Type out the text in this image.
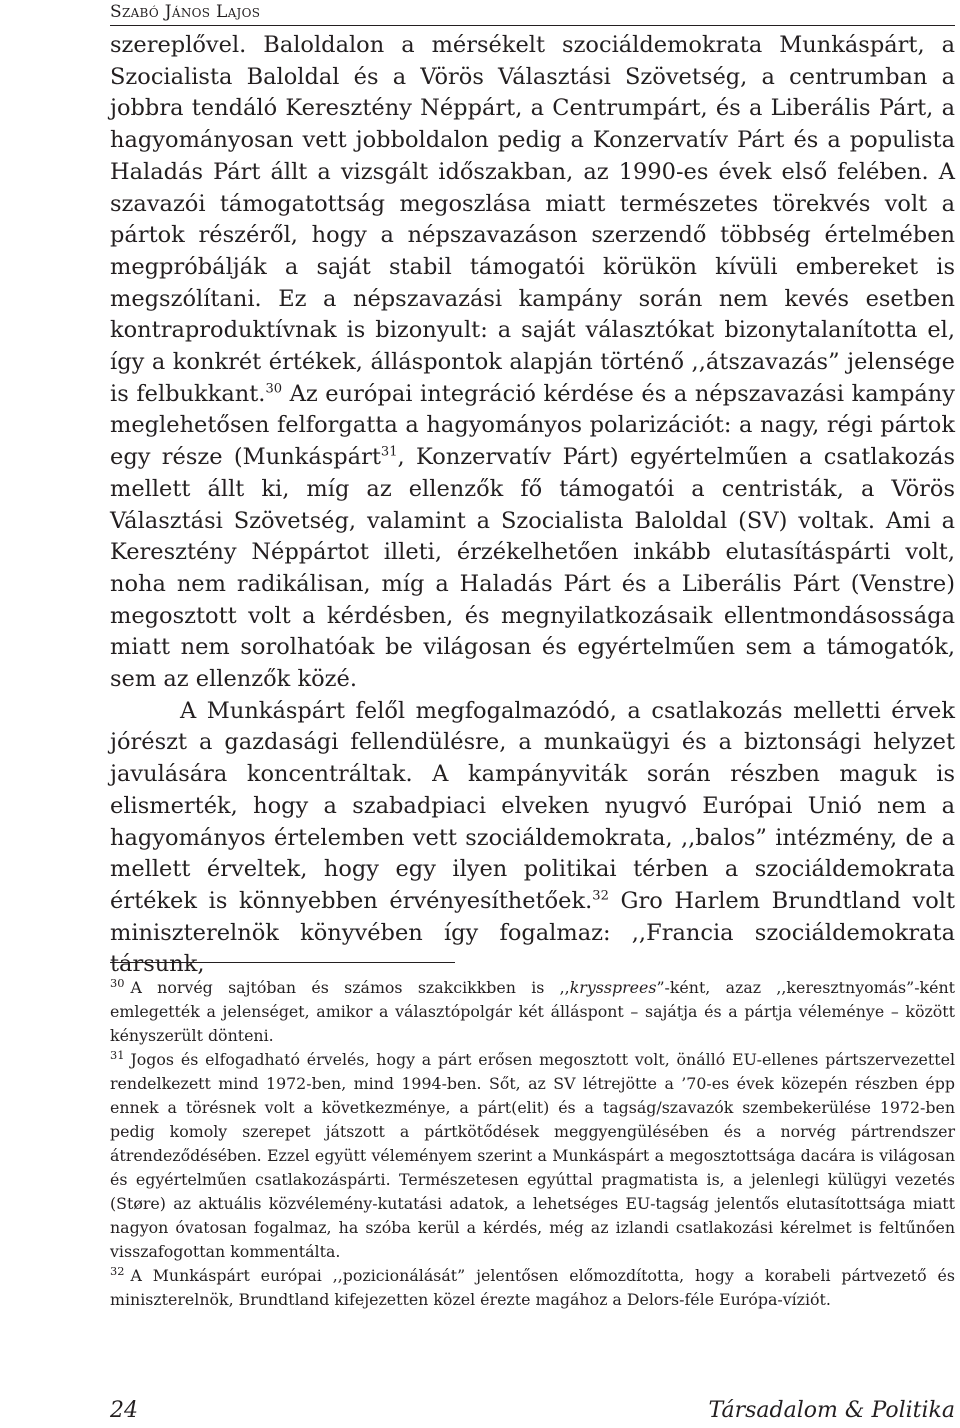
Szabó János Lajos

szereplővel. Baloldalon a mérsékelt szociáldemokrata Munkáspárt, a Szocialista Baloldal és a Vörös Választási Szövetség, a centrumban a jobbra tendáló Keresztény Néppárt, a Centrumpárt, és a Liberális Párt, a hagyományosan vett jobboldalon pedig a Konzervatív Párt és a populista Haladás Párt állt a vizsgált időszakban, az 1990-es évek első felében. A szavazói támogatottság megoszlása miatt természetes törekvés volt a pártok részéről, hogy a népszavazáson szerzendő többség értelmében megpróbálják a saját stabil támogatói körükön kívüli embereket is megszólítani. Ez a népszavazási kampány során nem kevés esetben kontraproduktívnak is bizonyult: a saját választókat bizonytalanította el, így a konkrét értékek, álláspontok alapján történő ,,átszavazás” jelensége is felbukkant.$^{30}$ Az európai integráció kérdése és a népszavazási kampány meglehetősen felforgatta a hagyományos polarizációt: a nagy, régi pártok egy része (Munkáspárt$^{31}$, Konzervatív Párt) egyértelműen a csatlakozás mellett állt ki, míg az ellenzők fő támogatói a centristák, a Vörös Választási Szövetség, valamint a Szocialista Baloldal (SV) voltak. Ami a Keresztény Néppártot illeti, érzékelhetően inkább elutasításpárti volt, noha nem radikálisan, míg a Haladás Párt és a Liberális Párt (Venstre) megosztott volt a kérdésben, és megnyilatkozásaik ellentmondásossága miatt nem sorolhatóak be világosan és egyértelműen sem a támogatók, sem az ellenzők közé.

A Munkáspárt felől megfogalmazódó, a csatlakozás melletti érvek jórészt a gazdasági fellendülésre, a munkaügyi és a biztonsági helyzet javulására koncentráltak. A kampányviták során részben maguk is elismerték, hogy a szabadpiaci elveken nyugvó Európai Unió nem a hagyományos értelemben vett szociáldemokrata, ,,balos” intézmény, de a mellett érveltek, hogy egy ilyen politikai térben a szociáldemokrata értékek is könnyebben érvényesíthetőek.$^{32}$ Gro Harlem Brundtland volt miniszterelnök könyvében így fogalmaz: ,,Francia szociáldemokrata társunk,

$^{30}$ A norvég sajtóban és számos szakcikkben is ,,kryssprees”-ként, azaz ,,keresztnyomás”-ként emlegették a jelenséget, amikor a választópolgár két álláspont – sajátja és a pártja véleménye – között kényszerült dönteni.

$^{31}$ Jogos és elfogadható érvelés, hogy a párt erősen megosztott volt, önálló EU-ellenes pártszervezettel rendelkezett mind 1972-ben, mind 1994-ben. Sőt, az SV létrejötte a ’70-es évek közepén részben épp ennek a törésnek volt a következménye, a párt(elit) és a tagság/szavazók szembekerülése 1972-ben pedig komoly szerepet játszott a pártkötődések meggyengülésében és a norvég pártrendszer átrendeződésében. Ezzel együtt véleményem szerint a Munkáspárt a megosztottsága dacára is világosan és egyértelműen csatlakozáspárti. Természetesen egyúttal pragmatista is, a jelenlegi külügyi vezetés (Støre) az aktuális közvélemény-kutatási adatok, a lehetséges EU-tagság jelentős elutasítottsága miatt nagyon óvatosan fogalmaz, ha szóba kerül a kérdés, még az izlandi csatlakozási kérelmet is feltűnően visszafogottan kommentálta.

$^{32}$ A Munkáspárt európai ,,pozicionálását” jelentősen előmozdította, hogy a korabeli pártvezető és miniszterelnök, Brundtland kifejezetten közel érezte magához a Delors-féle Európa-víziót.

24	Társadalom & Politika
